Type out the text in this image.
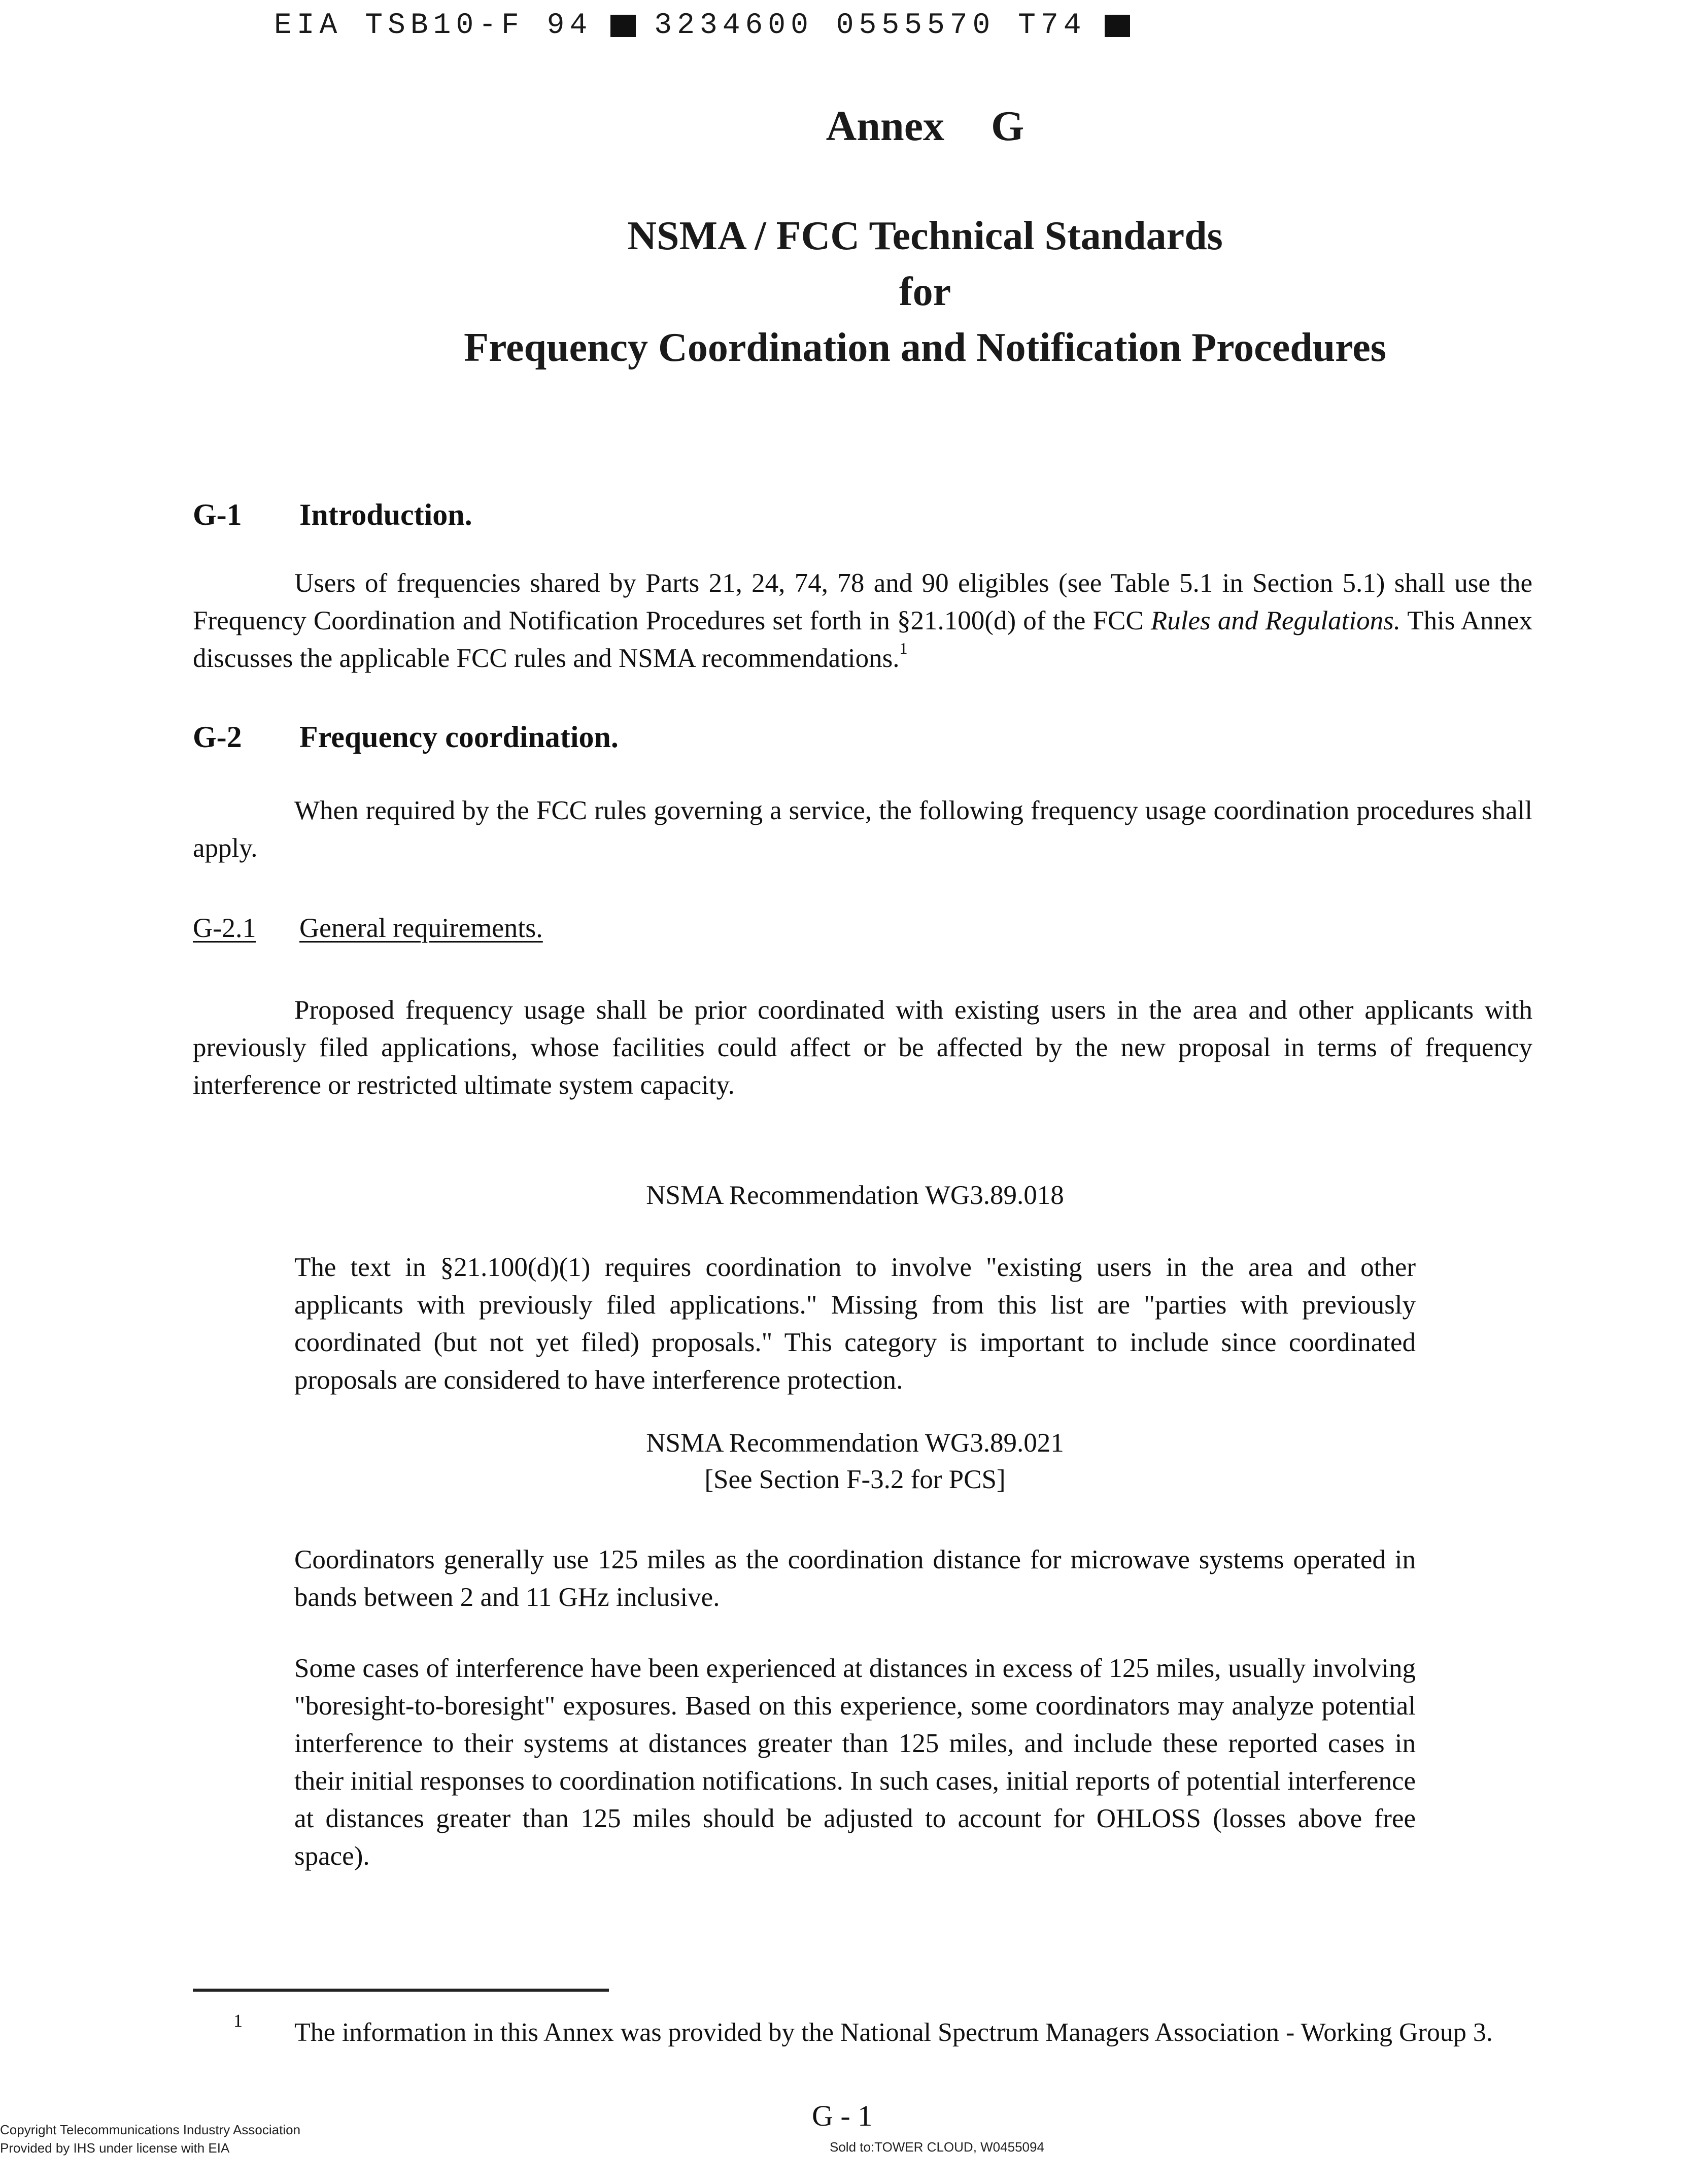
EIA TSB10-F 94 3234600 0555570 T74
Annex G
NSMA / FCC Technical Standards
for
Frequency Coordination and Notification Procedures
G-1	Introduction.
Users of frequencies shared by Parts 21, 24, 74, 78 and 90 eligibles (see Table 5.1 in Section 5.1) shall use the Frequency Coordination and Notification Procedures set forth in §21.100(d) of the FCC Rules and Regulations. This Annex discusses the applicable FCC rules and NSMA recommendations.$^1$
G-2	Frequency coordination.
When required by the FCC rules governing a service, the following frequency usage coordination procedures shall apply.
G-2.1	General requirements.
Proposed frequency usage shall be prior coordinated with existing users in the area and other applicants with previously filed applications, whose facilities could affect or be affected by the new proposal in terms of frequency interference or restricted ultimate system capacity.
NSMA Recommendation WG3.89.018
The text in §21.100(d)(1) requires coordination to involve "existing users in the area and other applicants with previously filed applications." Missing from this list are "parties with previously coordinated (but not yet filed) proposals." This category is important to include since coordinated proposals are considered to have interference protection.
NSMA Recommendation WG3.89.021
[See Section F-3.2 for PCS]
Coordinators generally use 125 miles as the coordination distance for microwave systems operated in bands between 2 and 11 GHz inclusive.
Some cases of interference have been experienced at distances in excess of 125 miles, usually involving "boresight-to-boresight" exposures. Based on this experience, some coordinators may analyze potential interference to their systems at distances greater than 125 miles, and include these reported cases in their initial responses to coordination notifications. In such cases, initial reports of potential interference at distances greater than 125 miles should be adjusted to account for OHLOSS (losses above free space).
1 The information in this Annex was provided by the National Spectrum Managers Association - Working Group 3.
G - 1
Copyright Telecommunications Industry Association
Provided by IHS under license with EIA	Sold to:TOWER CLOUD, W0455094
